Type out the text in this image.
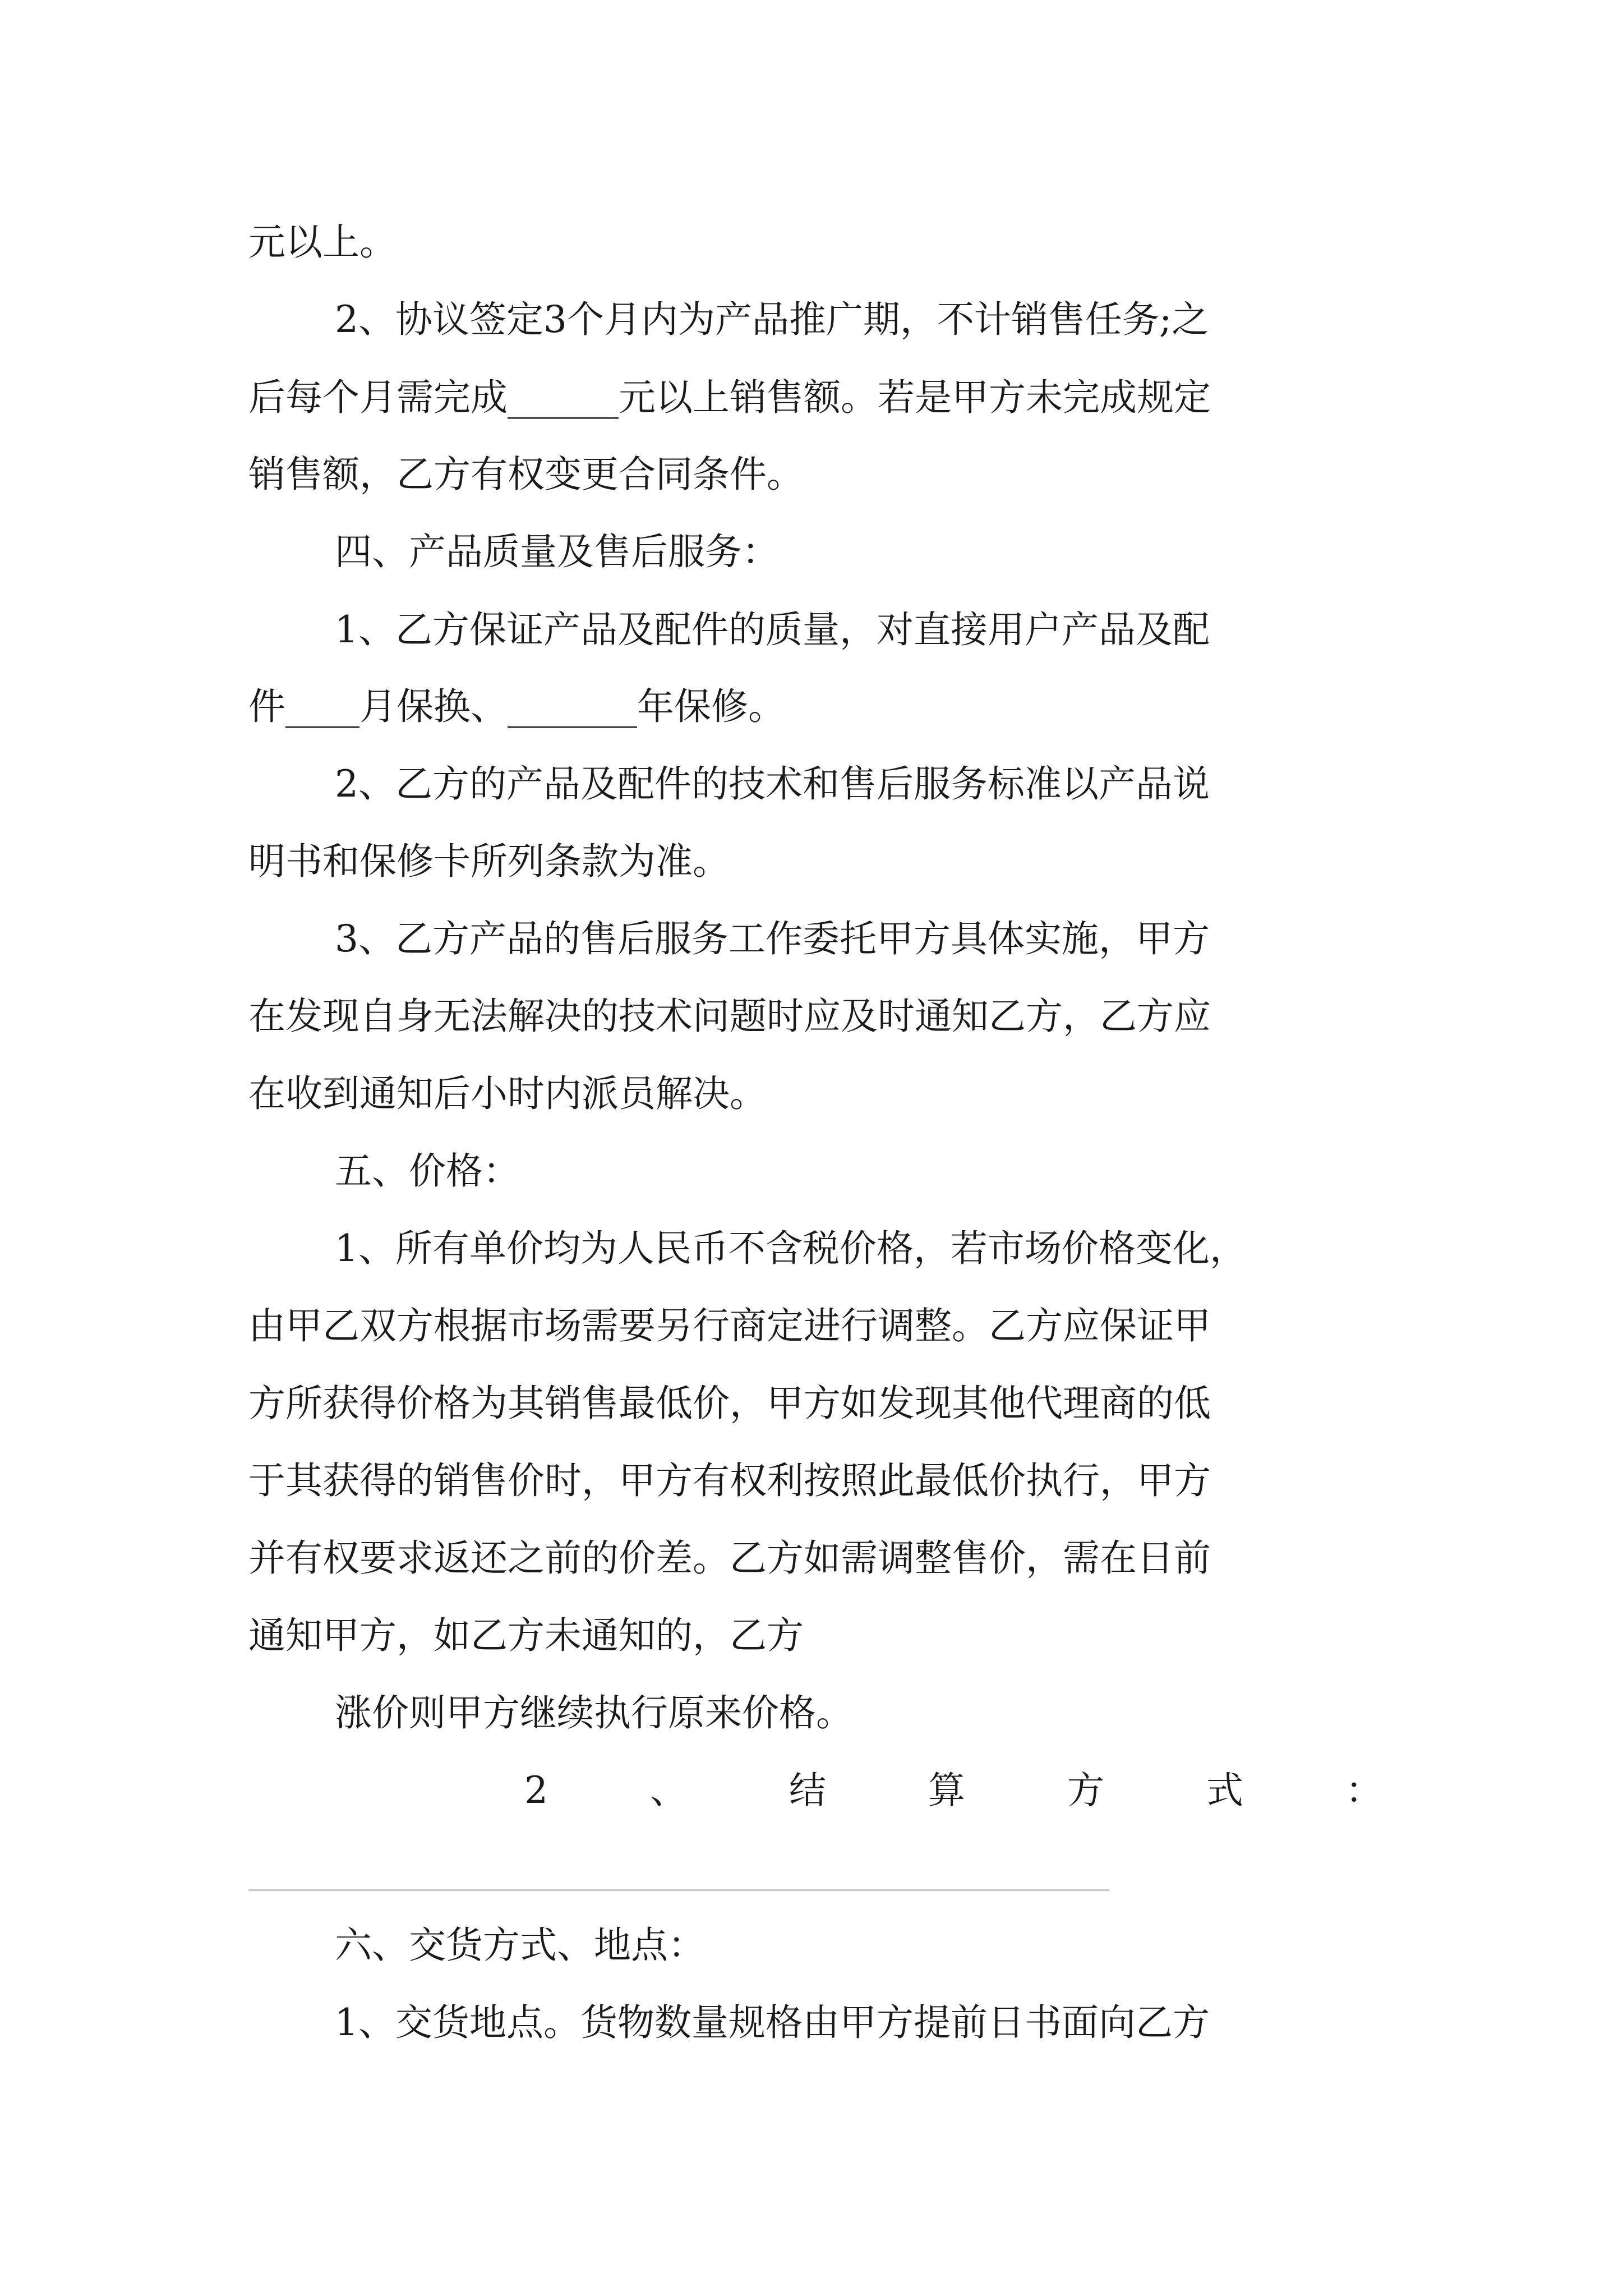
元以上。
2、协议签定3个月内为产品推广期，不计销售任务;之
后每个月需完成______元以上销售额。若是甲方未完成规定
销售额，乙方有权变更合同条件。
四、产品质量及售后服务：
1、乙方保证产品及配件的质量，对直接用户产品及配
件____月保换、_______年保修。
2、乙方的产品及配件的技术和售后服务标准以产品说
明书和保修卡所列条款为准。
3、乙方产品的售后服务工作委托甲方具体实施，甲方
在发现自身无法解决的技术问题时应及时通知乙方，乙方应
在收到通知后小时内派员解决。
五、价格：
1、所有单价均为人民币不含税价格，若市场价格变化，
由甲乙双方根据市场需要另行商定进行调整。乙方应保证甲
方所获得价格为其销售最低价，甲方如发现其他代理商的低
于其获得的销售价时，甲方有权利按照此最低价执行，甲方
并有权要求返还之前的价差。乙方如需调整售价，需在日前
通知甲方，如乙方未通知的，乙方
涨价则甲方继续执行原来价格。
2	、	结	算	方	式	：
六、交货方式、地点：
1、交货地点。货物数量规格由甲方提前日书面向乙方
